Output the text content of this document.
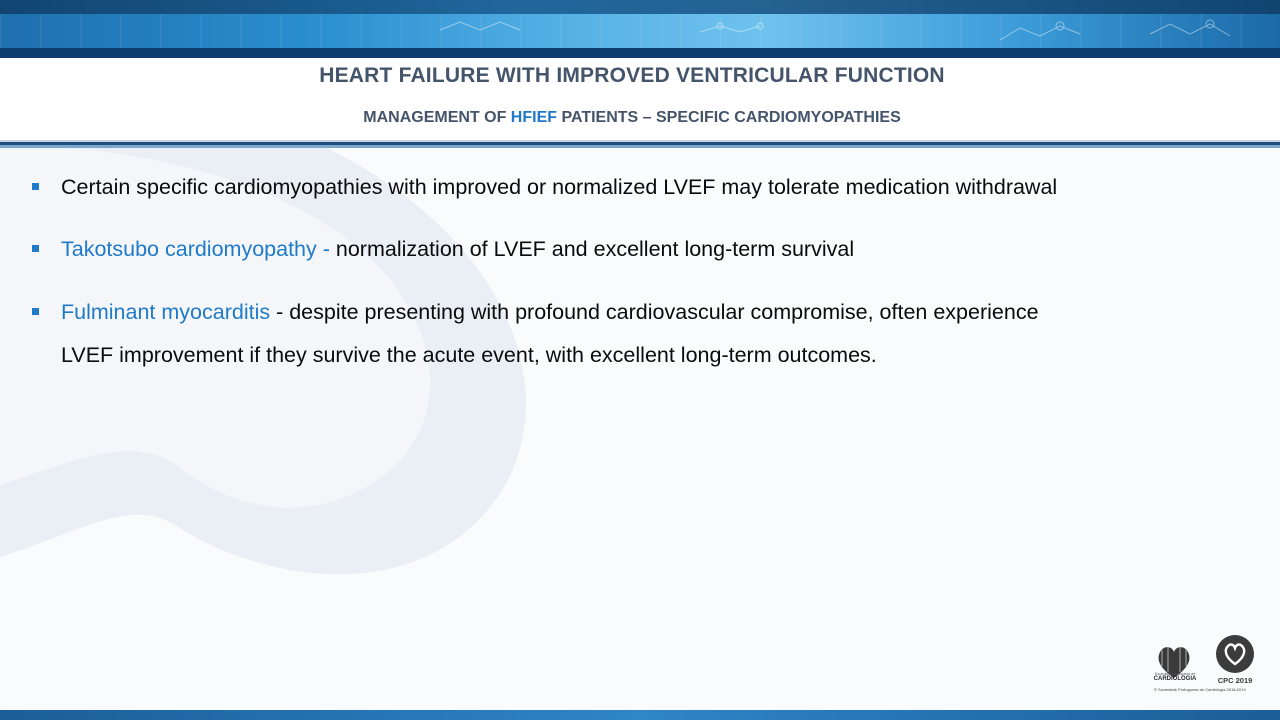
HEART FAILURE WITH IMPROVED VENTRICULAR FUNCTION
MANAGEMENT OF HFIEF PATIENTS – SPECIFIC CARDIOMYOPATHIES
Certain specific cardiomyopathies with improved or normalized LVEF may tolerate medication withdrawal
Takotsubo cardiomyopathy - normalization of LVEF and excellent long-term survival
Fulminant myocarditis - despite presenting with profound cardiovascular compromise, often experience
LVEF improvement if they survive the acute event, with excellent long-term outcomes.
Sociedade Portuguesa de
CARDIOLOGIA	CPC 2019
© Sociedade Portuguesa de Cardiologia 2018-2019
